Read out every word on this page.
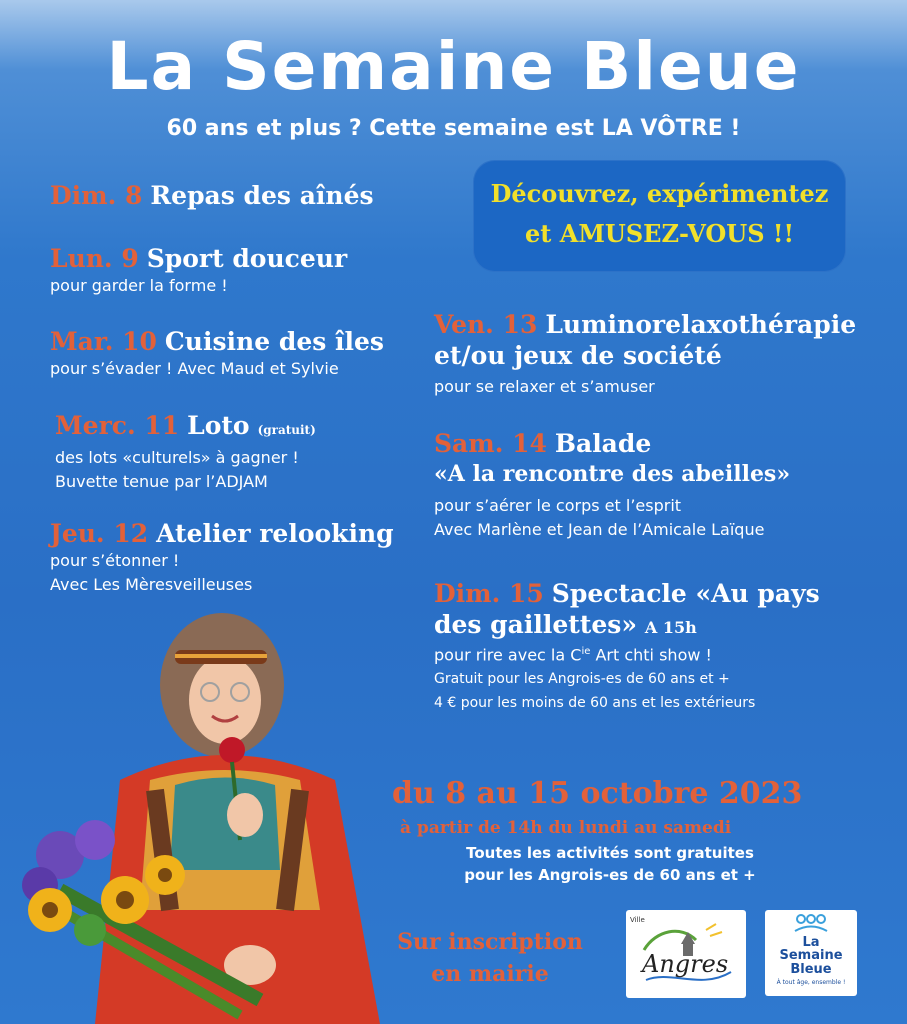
La Semaine Bleue
60 ans et plus ? Cette semaine est LA VÔTRE !
Découvrez, expérimentez
et AMUSEZ-VOUS !!
Dim. 8 Repas des aînés
Lun. 9 Sport douceur
pour garder la forme !
Mar. 10 Cuisine des îles
pour s’évader ! Avec Maud et Sylvie
Merc. 11 Loto (gratuit)
des lots «culturels» à gagner !
Buvette tenue par l’ADJAM
Jeu. 12 Atelier relooking
pour s’étonner !
Avec Les Mèresveilleuses
Ven. 13 Luminorelaxothérapie
et/ou jeux de société
pour se relaxer et s’amuser
Sam. 14 Balade
«A la rencontre des abeilles»
pour s’aérer le corps et l’esprit
Avec Marlène et Jean de l’Amicale Laïque
Dim. 15 Spectacle «Au pays
des gaillettes» A 15h
pour rire avec la $C^{ie}$ Art chti show !
Gratuit pour les Angrois-es de 60 ans et +
4 € pour les moins de 60 ans et les extérieurs
du 8 au 15 octobre 2023
à partir de 14h du lundi au samedi
Toutes les activités sont gratuites
pour les Angrois-es de 60 ans et +
Sur inscription
en mairie
Ville
Angres
La
Semaine
Bleue
À tout âge, ensemble !
